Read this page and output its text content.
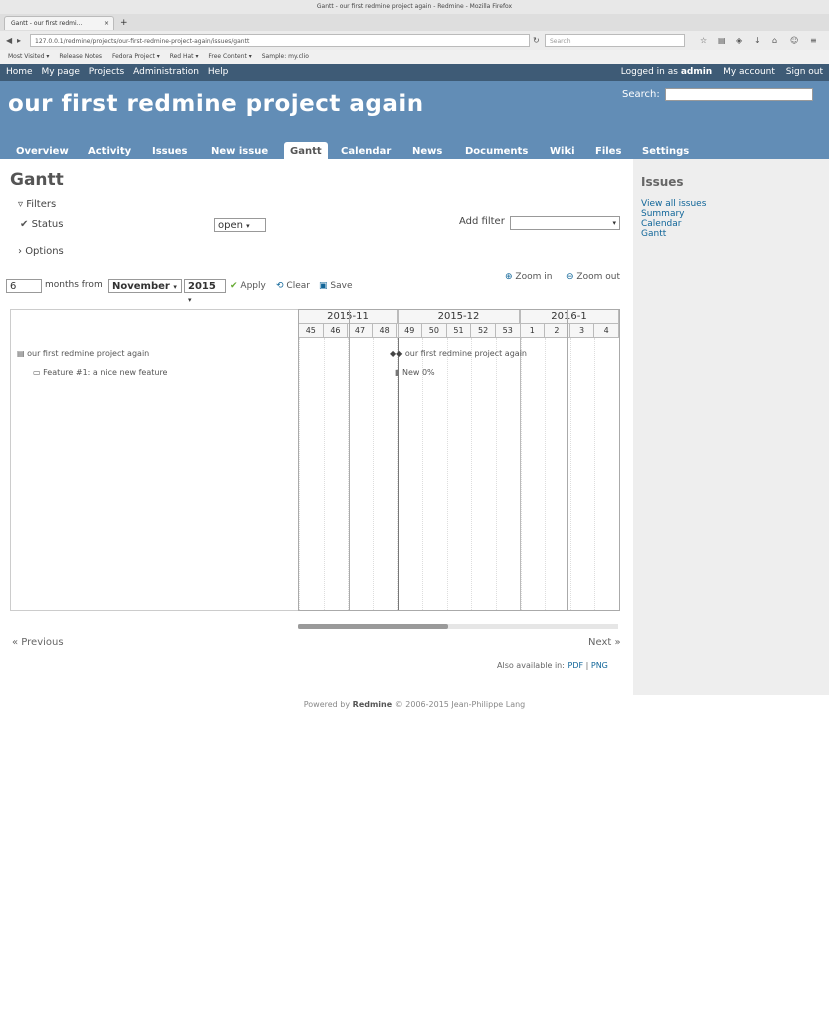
Gantt - our first redmine project again - Redmine - Mozilla Firefox
Gantt - our first redmi...	× +
◀ ▸	127.0.0.1/redmine/projects/our-first-redmine-project-again/issues/gantt	↻	Search	☆ ▤ ◈ ↓ ⌂ ☺ ≡
Most Visited ▾ Release Notes Fedora Project ▾ Red Hat ▾ Free Content ▾ Sample: my.clio
Home My page Projects Administration Help	Logged in as admin My account Sign out
our first redmine project again	Search:
Overview	Activity	Issues	New issue	Gantt	Calendar	News	Documents	Wiki	Files	Settings
Issues
View all issues
Summary
Calendar
Gantt
Gantt
▿ Filters
✔ Status	open ▾	Add filter	▾
› Options
6	months from November ▾	2015 ▾
✔ Apply ⟲ Clear ▣ Save
⊕ Zoom in ⊖ Zoom out
▤ our first redmine project again
▭ Feature #1: a nice new feature
2015-11	2015-12	2016-1
45	46	47	48	49	50	51	52	53	1	2	3	4
◆◆ our first redmine project again
▮ New 0%
« Previous	Next »
Also available in: PDF | PNG
Powered by Redmine © 2006-2015 Jean-Philippe Lang
